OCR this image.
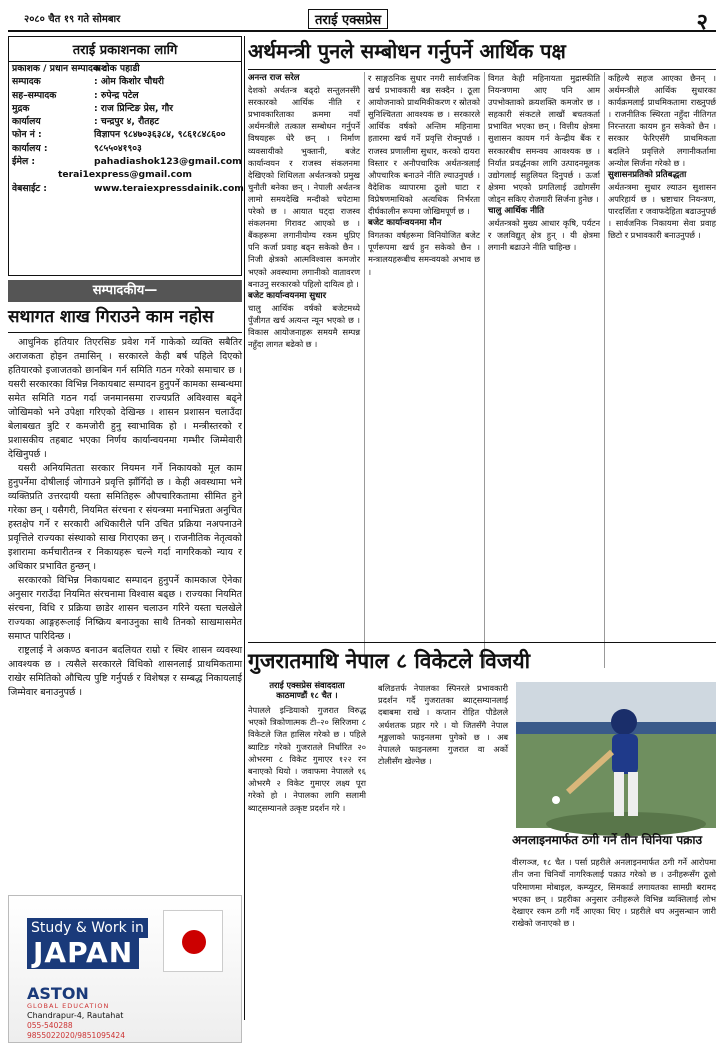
२०८० चैत १९ गते सोमबार	तराई एक्सप्रेस	२
तराई प्रकाशनका लागि
प्रकाशक / प्रधान सम्पादक :अशोक पहाडी
सम्पादक	: ओम किशोर चौधरी
सह–सम्पादक	: रुपेन्द्र पटेल
मुद्रक	: राज प्रिन्टिङ प्रेस, गौर
कार्यालय	: चन्द्रपुर ४, रौतहट
फोन नं :	विज्ञापन ९८४७०३६३८४, ९८६१८४८६००
कार्यालय :	९८५५०४१९०३
ईमेल :	pahadiashok123@gmail.com
terai1express@gmail.com
वेबसाईट :	www.teraiexpressdainik.com
सम्पादकीय—
सथागत शाख गिराउने काम नहोस

आधुनिक हतियार तिएरसिङ प्रवेश गर्ने गाकेको व्यक्ति सबैतिर अराजकता होइन तमासिन् । सरकारले केही बर्ष पहिले दिएको हतियारको इजाजतको छानबिन गर्न समिति गठन गरेको समाचार छ । यसरी सरकारका विभिन्न निकायबाट सम्पादन हुनुपर्ने कामका सम्बन्धमा समेत समिति गठन गर्दा जनमानसमा राज्यप्रति अविश्वास बढ्ने जोखिमको भने उपेक्षा गरिएको देखिन्छ । शासन प्रशासन चलाउँदा बेलाबखत त्रुटि र कमजोरी हुनु स्वाभाविक हो । मन्त्रीस्तरको र प्रशासकीय तहबाट भएका निर्णय कार्यान्वयनमा गम्भीर जिम्मेवारी देखिनुपर्छ ।

यसरी अनियमितता सरकार नियमन गर्ने निकायको मूल काम हुनुपर्नेमा दोषीलाई जोगाउने प्रवृत्ति झाँगिँदो छ । केही अवस्थामा भने व्यक्तिप्रति उत्तरदायी यस्ता समितिहरू औपचारिकतामा सीमित हुने गरेका छन् । यसैगरी, नियमित संरचना र संयन्त्रमा मनाभिन्नता अनुचित हस्तक्षेप गर्ने र सरकारी अधिकारीले पनि उचित प्रक्रिया नअपनाउने प्रवृत्तिले राज्यका संस्थाको साख गिराएका छन् । राजनीतिक नेतृत्वको इशारामा कर्मचारीतन्त्र र निकायहरू चल्ने गर्दा नागरिकको न्याय र अधिकार प्रभावित हुन्छन् ।

सरकारको विभिन्न निकायबाट सम्पादन हुनुपर्ने कामकाज ऐनेका अनुसार गराउँदा नियमित संरचनामा विश्वास बढ्छ । राज्यका नियमित संरचना, विधि र प्रक्रिया छाडेर शासन चलाउन गरिने यस्ता चलखेले राज्यका आङ्गहरूलाई निष्क्रिय बनाउनुका साथै तिनको साखमासमेत समाप्त पारिदिन्छ ।

राष्ट्रलाई ने अकण्ठ बनाउन बदलियत राम्रो र स्थिर शासन व्यवस्था आवश्यक छ । त्यसैले सरकारले विधिको शासनलाई प्राथमिकतामा राखेर समितिको औचित्य पुष्टि गर्नुपर्छ र विशेषज्ञ र सम्बद्ध निकायलाई जिम्मेवार बनाउनुपर्छ ।

Study & Work in
JAPAN
ASTON
GLOBAL EDUCATION
Chandrapur-4, Rautahat
055-540288
9855022020/9851095424
अर्थमन्त्री पुनले सम्बोधन गर्नुपर्ने आर्थिक पक्ष
अनन्त राज सरेल
देशको अर्थतन्त्र बढ्दो सन्तुलनसँगै सरकारको आर्थिक नीति र प्रभावकारिताका क्रममा नयाँ अर्थमन्त्रीले तत्काल सम्बोधन गर्नुपर्ने विषयहरू धेरै छन् । निर्माण व्यवसायीको भुक्तानी, बजेट कार्यान्वयन र राजस्व संकलनमा देखिएको शिथिलता अर्थतन्त्रको प्रमुख चुनौती बनेका छन् । नेपाली अर्थतन्त्र लामो समयदेखि मन्दीको चपेटामा परेको छ । आयात घट्दा राजस्व संकलनमा गिरावट आएको छ । बैंकहरूमा लगानीयोग्य रकम थुप्रिए पनि कर्जा प्रवाह बढ्न सकेको छैन । निजी क्षेत्रको आत्मविश्वास कमजोर भएको अवस्थामा लगानीको वातावरण बनाउनु सरकारको पहिलो दायित्व हो ।
बजेट कार्यान्वयनमा सुधार
चालु आर्थिक वर्षको बजेटमध्ये पुँजीगत खर्च अत्यन्त न्यून भएको छ । विकास आयोजनाहरू समयमै सम्पन्न नहुँदा लागत बढेको छ ।
र साङ्गठनिक सुधार नगरी सार्वजनिक खर्च प्रभावकारी बन्न सक्दैन । ठूला आयोजनाको प्राथमिकीकरण र स्रोतको सुनिश्चितता आवश्यक छ । सरकारले आर्थिक वर्षको अन्तिम महिनामा हतारमा खर्च गर्ने प्रवृत्ति रोक्नुपर्छ । राजस्व प्रणालीमा सुधार, करको दायरा विस्तार र अनौपचारिक अर्थतन्त्रलाई औपचारिक बनाउने नीति ल्याउनुपर्छ । वैदेशिक व्यापारमा ठूलो घाटा र विप्रेषणमाथिको अत्यधिक निर्भरता दीर्घकालीन रूपमा जोखिमपूर्ण छ ।
बजेट कार्यान्वयनमा मौन
विगतका वर्षहरूमा विनियोजित बजेट पूर्णरूपमा खर्च हुन सकेको छैन । मन्त्रालयहरूबीच समन्वयको अभाव छ ।
विगत केही महिनायता मुद्रास्फीति नियन्त्रणमा आए पनि आम उपभोक्ताको क्रयशक्ति कमजोर छ । सहकारी संकटले लाखौं बचतकर्ता प्रभावित भएका छन् । वित्तीय क्षेत्रमा सुशासन कायम गर्न केन्द्रीय बैंक र सरकारबीच समन्वय आवश्यक छ । निर्यात प्रवर्द्धनका लागि उत्पादनमूलक उद्योगलाई सहुलियत दिनुपर्छ । ऊर्जा क्षेत्रमा भएको प्रगतिलाई उद्योगसँग जोड्न सकिए रोजगारी सिर्जना हुनेछ ।
चालु आर्थिक नीति
अर्थतन्त्रको मुख्य आधार कृषि, पर्यटन र जलविद्युत् क्षेत्र हुन् । यी क्षेत्रमा लगानी बढाउने नीति चाहिन्छ ।
कहिल्यै सहज आएका छैनन् । अर्थमन्त्रीले आर्थिक सुधारका कार्यक्रमलाई प्राथमिकतामा राख्नुपर्छ । राजनीतिक स्थिरता नहुँदा नीतिगत निरन्तरता कायम हुन सकेको छैन । सरकार फेरिएसँगै प्राथमिकता बदलिने प्रवृत्तिले लगानीकर्तामा अन्योल सिर्जना गरेको छ ।
सुशासनप्रतिको प्रतिबद्धता
अर्थतन्त्रमा सुधार ल्याउन सुशासन अपरिहार्य छ । भ्रष्टाचार नियन्त्रण, पारदर्शिता र जवाफदेहिता बढाउनुपर्छ । सार्वजनिक निकायमा सेवा प्रवाह छिटो र प्रभावकारी बनाउनुपर्छ ।
गुजरातमाथि नेपाल ८ विकेटले विजयी
तराई एक्सप्रेस संवाददाता
काठमाण्डौं १८ चैत ।
नेपालले इन्डियाको गुजरात विरुद्ध भएको त्रिकोणात्मक टी–२० सिरिजमा ८ विकेटले जित हासिल गरेको छ । पहिले ब्याटिङ गरेको गुजरातले निर्धारित २० ओभरमा ८ विकेट गुमाएर १२२ रन बनाएको थियो । जवाफमा नेपालले १६ ओभरमै २ विकेट गुमाएर लक्ष्य पूरा गरेको हो । नेपालका लागि सलामी ब्याट्सम्यानले उत्कृष्ट प्रदर्शन गरे ।
बलिङतर्फ नेपालका स्पिनरले प्रभावकारी प्रदर्शन गर्दै गुजरातका ब्याट्सम्यानलाई दबाबमा राखे । कप्तान रोहित पौडेलले अर्धशतक प्रहार गरे । यो जितसँगै नेपाल शृङ्खलाको फाइनलमा पुगेको छ । अब नेपालले फाइनलमा गुजरात वा अर्को टोलीसँग खेल्नेछ ।
अनलाइनमार्फत ठगी गर्ने तीन चिनिया पक्राउ
वीरगञ्ज, १८ चैत । पर्सा प्रहरीले अनलाइनमार्फत ठगी गर्ने आरोपमा तीन जना चिनियाँ नागरिकलाई पक्राउ गरेको छ । उनीहरूसँग ठूलो परिमाणमा मोबाइल, कम्प्युटर, सिमकार्ड लगायतका सामग्री बरामद भएका छन् । प्रहरीका अनुसार उनीहरूले विभिन्न व्यक्तिलाई लोभ देखाएर रकम ठगी गर्दै आएका थिए । प्रहरीले थप अनुसन्धान जारी राखेको जनाएको छ ।
